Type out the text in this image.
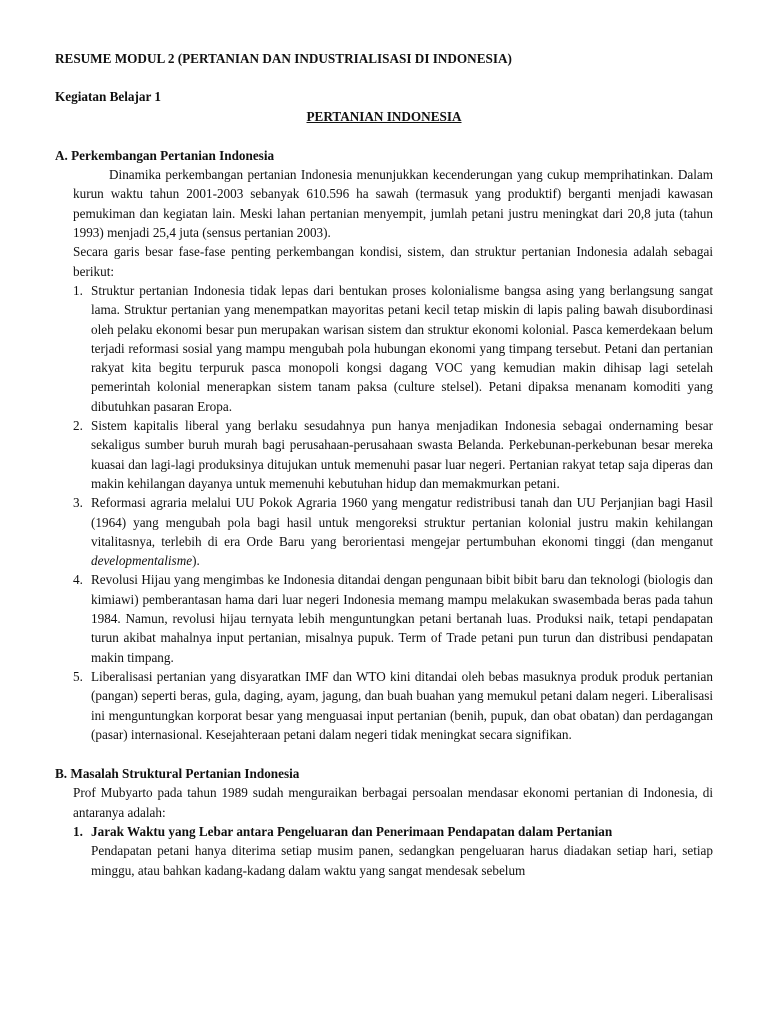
RESUME MODUL 2 (PERTANIAN DAN INDUSTRIALISASI DI INDONESIA)
Kegiatan Belajar 1
PERTANIAN INDONESIA
A. Perkembangan Pertanian Indonesia

Dinamika perkembangan pertanian Indonesia menunjukkan kecenderungan yang cukup memprihatinkan. Dalam kurun waktu tahun 2001-2003 sebanyak 610.596 ha sawah (termasuk yang produktif) berganti menjadi kawasan pemukiman dan kegiatan lain. Meski lahan pertanian menyempit, jumlah petani justru meningkat dari 20,8 juta (tahun 1993) menjadi 25,4 juta (sensus pertanian 2003).

Secara garis besar fase-fase penting perkembangan kondisi, sistem, dan struktur pertanian Indonesia adalah sebagai berikut:

1. Struktur pertanian Indonesia tidak lepas dari bentukan proses kolonialisme bangsa asing yang berlangsung sangat lama. Struktur pertanian yang menempatkan mayoritas petani kecil tetap miskin di lapis paling bawah disubordinasi oleh pelaku ekonomi besar pun merupakan warisan sistem dan struktur ekonomi kolonial. Pasca kemerdekaan belum terjadi reformasi sosial yang mampu mengubah pola hubungan ekonomi yang timpang tersebut. Petani dan pertanian rakyat kita begitu terpuruk pasca monopoli kongsi dagang VOC yang kemudian makin dihisap lagi setelah pemerintah kolonial menerapkan sistem tanam paksa (culture stelsel). Petani dipaksa menanam komoditi yang dibutuhkan pasaran Eropa.
2. Sistem kapitalis liberal yang berlaku sesudahnya pun hanya menjadikan Indonesia sebagai ondernaming besar sekaligus sumber buruh murah bagi perusahaan-perusahaan swasta Belanda. Perkebunan-perkebunan besar mereka kuasai dan lagi-lagi produksinya ditujukan untuk memenuhi pasar luar negeri. Pertanian rakyat tetap saja diperas dan makin kehilangan dayanya untuk memenuhi kebutuhan hidup dan memakmurkan petani.
3. Reformasi agraria melalui UU Pokok Agraria 1960 yang mengatur redistribusi tanah dan UU Perjanjian bagi Hasil (1964) yang mengubah pola bagi hasil untuk mengoreksi struktur pertanian kolonial justru makin kehilangan vitalitasnya, terlebih di era Orde Baru yang berorientasi mengejar pertumbuhan ekonomi tinggi (dan menganut developmentalisme).
4. Revolusi Hijau yang mengimbas ke Indonesia ditandai dengan pengunaan bibit bibit baru dan teknologi (biologis dan kimiawi) pemberantasan hama dari luar negeri Indonesia memang mampu melakukan swasembada beras pada tahun 1984. Namun, revolusi hijau ternyata lebih menguntungkan petani bertanah luas. Produksi naik, tetapi pendapatan turun akibat mahalnya input pertanian, misalnya pupuk. Term of Trade petani pun turun dan distribusi pendapatan makin timpang.
5. Liberalisasi pertanian yang disyaratkan IMF dan WTO kini ditandai oleh bebas masuknya produk produk pertanian (pangan) seperti beras, gula, daging, ayam, jagung, dan buah buahan yang memukul petani dalam negeri. Liberalisasi ini menguntungkan korporat besar yang menguasai input pertanian (benih, pupuk, dan obat obatan) dan perdagangan (pasar) internasional. Kesejahteraan petani dalam negeri tidak meningkat secara signifikan.
B. Masalah Struktural Pertanian Indonesia

Prof Mubyarto pada tahun 1989 sudah menguraikan berbagai persoalan mendasar ekonomi pertanian di Indonesia, di antaranya adalah:

1. Jarak Waktu yang Lebar antara Pengeluaran dan Penerimaan Pendapatan dalam Pertanian

Pendapatan petani hanya diterima setiap musim panen, sedangkan pengeluaran harus diadakan setiap hari, setiap minggu, atau bahkan kadang-kadang dalam waktu yang sangat mendesak sebelum
